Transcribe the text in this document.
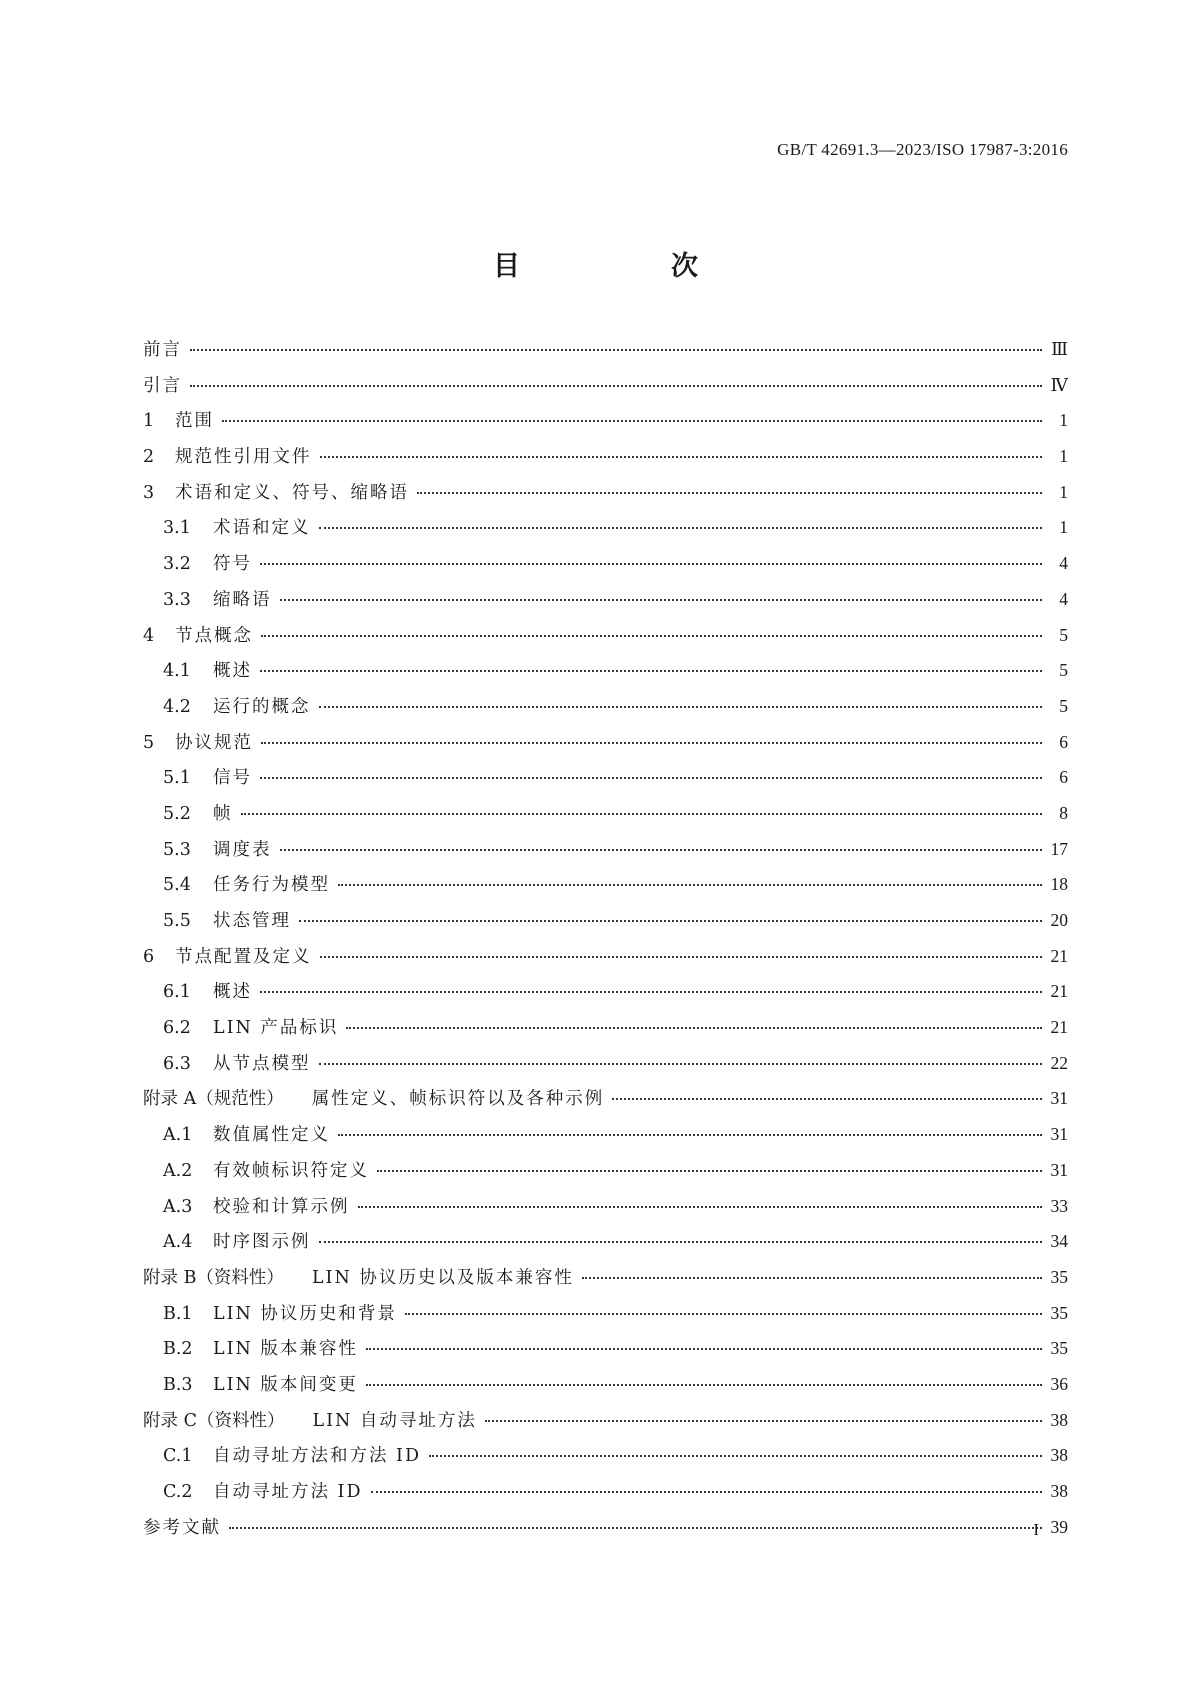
GB/T 42691.3—2023/ISO 17987-3:2016
目　次
前言	Ⅲ
引言	Ⅳ
1 范围	1
2 规范性引用文件	1
3 术语和定义、符号、缩略语	1
3.1 术语和定义	1
3.2 符号	4
3.3 缩略语	4
4 节点概念	5
4.1 概述	5
4.2 运行的概念	5
5 协议规范	6
5.1 信号	6
5.2 帧	8
5.3 调度表	17
5.4 任务行为模型	18
5.5 状态管理	20
6 节点配置及定义	21
6.1 概述	21
6.2 LIN 产品标识	21
6.3 从节点模型	22
附录 A（规范性） 属性定义、帧标识符以及各种示例	31
A.1 数值属性定义	31
A.2 有效帧标识符定义	31
A.3 校验和计算示例	33
A.4 时序图示例	34
附录 B（资料性） LIN 协议历史以及版本兼容性	35
B.1 LIN 协议历史和背景	35
B.2 LIN 版本兼容性	35
B.3 LIN 版本间变更	36
附录 C（资料性） LIN 自动寻址方法	38
C.1 自动寻址方法和方法 ID	38
C.2 自动寻址方法 ID	38
参考文献	39
I
